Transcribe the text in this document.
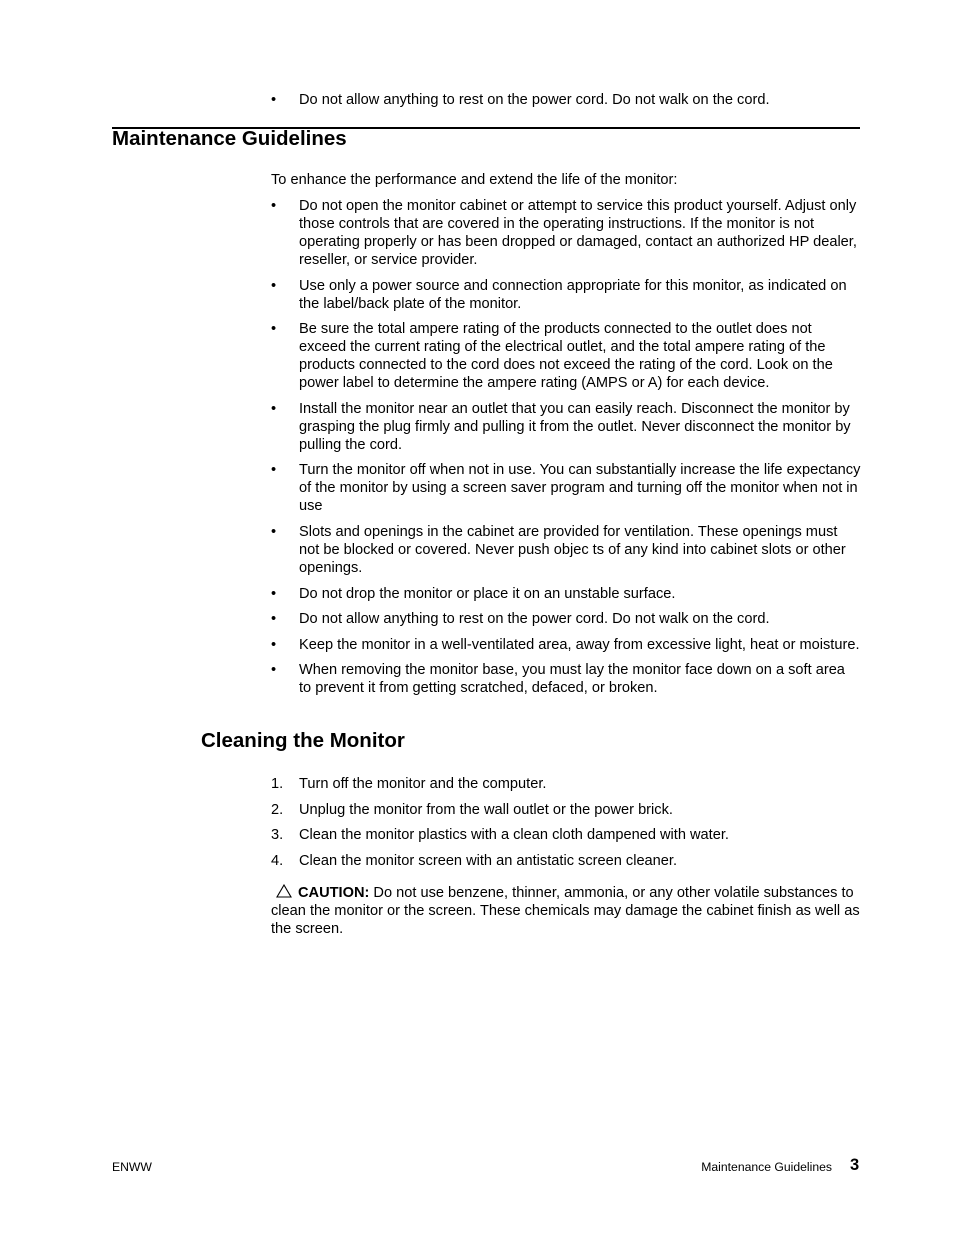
• Do not allow anything to rest on the power cord. Do not walk on the cord.
Maintenance Guidelines
To enhance the performance and extend the life of the monitor:
• Do not open the monitor cabinet or attempt to service this product yourself. Adjust only those controls that are covered in the operating instructions. If the monitor is not operating properly or has been dropped or damaged, contact an authorized HP dealer, reseller, or service provider.
• Use only a power source and connection appropriate for this monitor, as indicated on the label/back plate of the monitor.
• Be sure the total ampere rating of the products connected to the outlet does not exceed the current rating of the electrical outlet, and the total ampere rating of the products connected to the cord does not exceed the rating of the cord. Look on the power label to determine the ampere rating (AMPS or A) for each device.
• Install the monitor near an outlet that you can easily reach. Disconnect the monitor by grasping the plug firmly and pulling it from the outlet. Never disconnect the monitor by pulling the cord.
• Turn the monitor off when not in use. You can substantially increase the life expectancy of the monitor by using a screen saver program and turning off the monitor when not in use
• Slots and openings in the cabinet are provided for ventilation. These openings must not be blocked or covered. Never push objec ts of any kind into cabinet slots or other openings.
• Do not drop the monitor or place it on an unstable surface.
• Do not allow anything to rest on the power cord. Do not walk on the cord.
• Keep the monitor in a well-ventilated area, away from excessive light, heat or moisture.
• When removing the monitor base, you must lay the monitor face down on a soft area to prevent it from getting scratched, defaced, or broken.
Cleaning the Monitor
1. Turn off the monitor and the computer.
2. Unplug the monitor from the wall outlet or the power brick.
3. Clean the monitor plastics with a clean cloth dampened with water.
4. Clean the monitor screen with an antistatic screen cleaner.
CAUTION: Do not use benzene, thinner, ammonia, or any other volatile substances to clean the monitor or the screen. These chemicals may damage the cabinet finish as well as the screen.
ENWW	Maintenance Guidelines 3
